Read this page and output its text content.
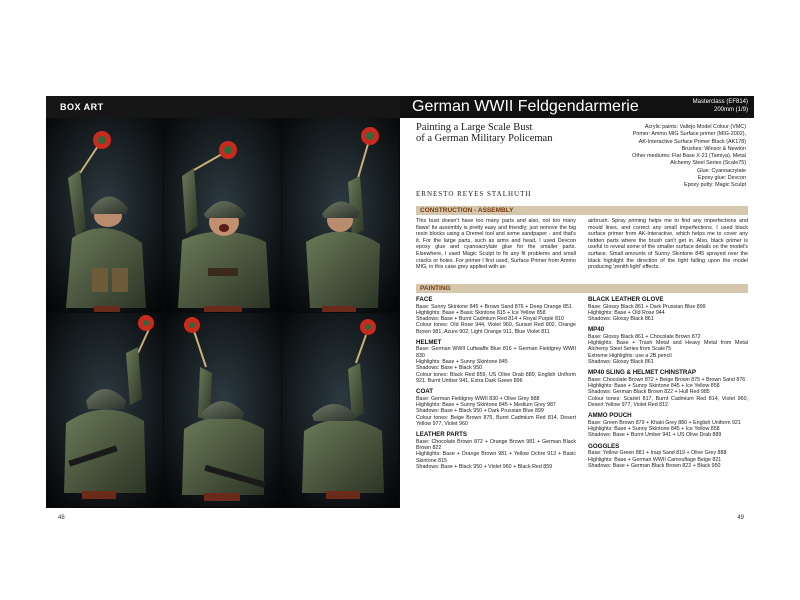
BOX ART
48
German WWII Feldgendarmerie	Masterclass (EF814)
200mm (1/9)
Painting a Large Scale Bust
of a German Military Policeman
Acrylic paints: Vallejo Model Colour (VMC)
Primer: Ammo MIG Surface primer (MIG-2002),
AK-Interactive Surface Primer Black (AK178)
Brushes: Winsor & Newton
Other mediums: Flat Base X-21 (Tamiya), Metal
Alchemy Steel Series (Scale75)
Glue: Cyanoacrylate
Epoxy glue: Devcon
Epoxy putty: Magic Sculpt
ERNESTO REYES STALHUTH
CONSTRUCTION - ASSEMBLY

This bust doesn't have too many parts and also, not too many flaws! Its assembly is pretty easy and friendly; just remove the big resin blocks using a Dremel tool and some sandpaper - and that's it. For the large parts, such as arms and head, I used Devcon epoxy glue and cyanoacrylate glue for the smaller parts. Elsewhere, I used Magic Sculpt to fix any fit problems and small cracks or holes. For primer I first used, Surface Primer from Ammo MIG, in this case grey applied with an

airbrush. Spray priming helps me to find any imperfections and mould lines, and correct any small imperfections. I used black surface primer from AK-Interactive, which helps me to cover any hidden parts where the brush can't get in. Also, black primer is useful to reveal some of the smaller surface details on the model's surface. Small amounts of Sunny Skintone 845 sprayed over the black highlight the direction of the light falling upon the model producing 'zenith light' effects.

PAINTING
FACE
Base: Sunny Skintone 845 + Brown Sand 876 + Deep Orange 851
Highlights: Base + Basic Skintone 815 + Ice Yellow 858
Shadows: Base + Burnt Cadmium Red 814 + Royal Purple 810
Colour tones: Old Rose 944, Violet 960, Sunset Red 802, Orange Brown 981, Azure 902, Light Orange 911, Blue Violet 811
HELMET
Base: German WWII Luftwaffe Blue 816 + German Fieldgrey WWII 830
Highlights: Base + Sunny Skintone 845
Shadows: Base + Black 950
Colour tones: Black Red 859, US Olive Drab 889, English Uniform 921, Burnt Umber 941, Extra Dark Green 896
COAT
Base: German Fieldgrey WWII 830 + Olive Grey 888
Highlights: Base + Sunny Skintone 845 + Medium Grey 987
Shadows: Base + Black 950 + Dark Prussian Blue 899
Colour tones: Beige Brown 875, Burnt Cadmium Red 814, Desert Yellow 977, Violet 960
LEATHER PARTS
Base: Chocolate Brown 872 + Orange Brown 981 + German Black Brown 822
Highlights: Base + Orange Brown 981 + Yellow Ochre 913 + Basic Skintone 815
Shadows: Base + Black 950 + Violet 960 + Black Red 859
BLACK LEATHER GLOVE
Base: Glossy Black 861 + Dark Prussian Blue 899
Highlights: Base + Old Rose 944
Shadows: Glossy Black 861
MP40
Base: Glossy Black 861 + Chocolate Brown 872
Highlights: Base + Trash Metal and Heavy Metal from Metal Alchemy Steel Series from Scale75
Extreme Highlights: use a 2B pencil
Shadows: Glossy Black 861
MP40 SLING & HELMET CHINSTRAP
Base: Chocolate Brown 872 + Beige Brown 875 + Brown Sand 876
Highlights: Base + Sunny Skintone 845 + Ice Yellow 858
Shadows: German Black Brown 822 + Hull Red 985
Colour tones: Scarlet 817, Burnt Cadmium Red 814, Violet 960, Desert Yellow 977, Violet Red 812
AMMO POUCH
Base: Green Brown 879 + Khaki Grey 880 + English Uniform 921
Highlights: Base + Sunny Skintone 845 + Ice Yellow 858
Shadows: Base + Burnt Umber 941 + US Olive Drab 889
GOGGLES
Base: Yellow Green 881 + Iraqi Sand 819 + Olive Grey 888
Highlights: Base + German WWII Camouflage Beige 821
Shadows: Base + German Black Brown 822 + Black 950
49
